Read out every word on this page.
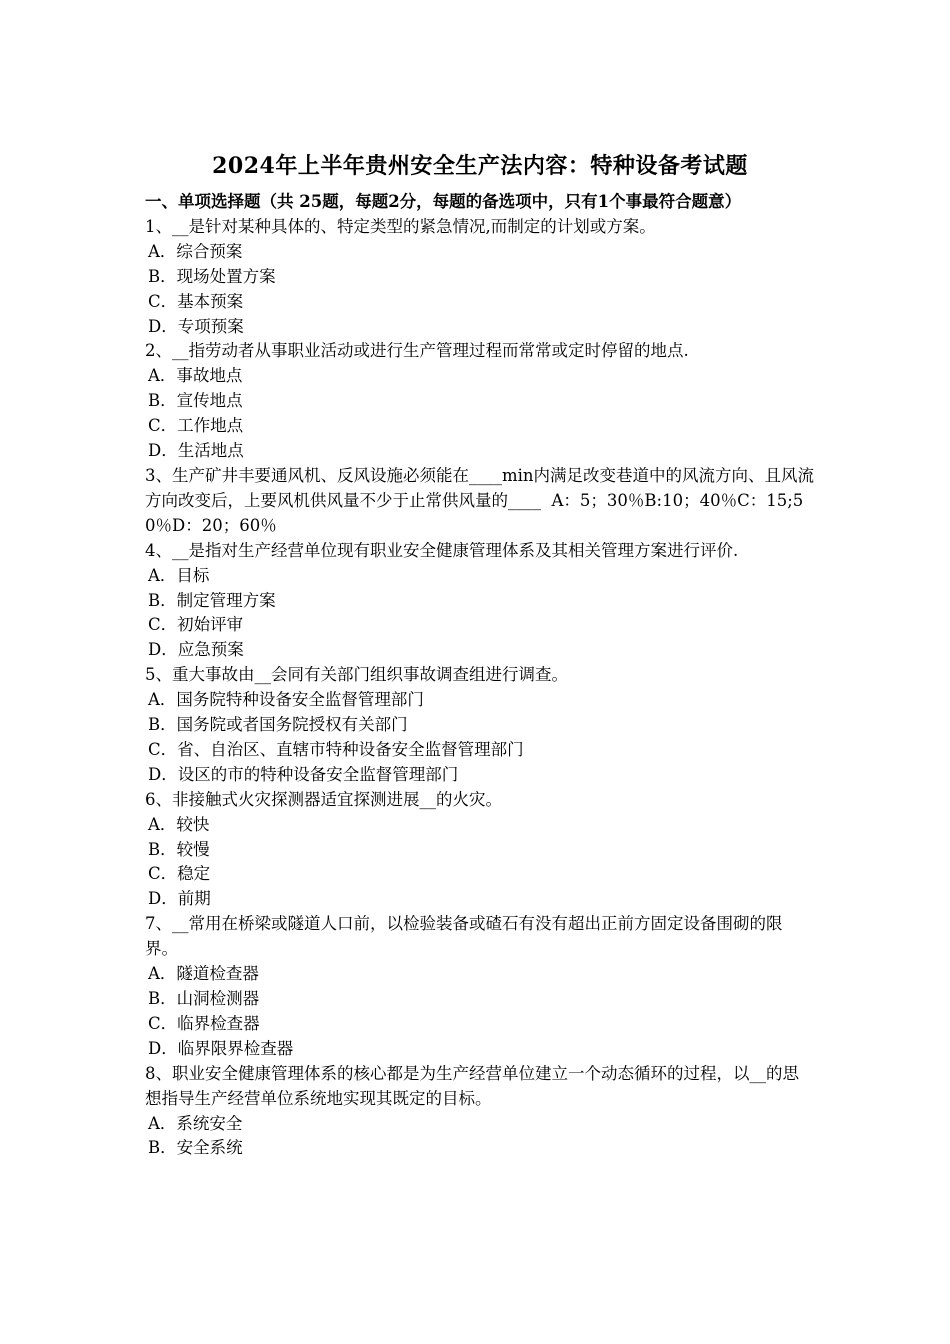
2024年上半年贵州安全生产法内容：特种设备考试题

一、单项选择题（共 25题，每题2分，每题的备选项中，只有1个事最符合题意）

1、__是针对某种具体的、特定类型的紧急情况,而制定的计划或方案。

A．综合预案

B．现场处置方案

C．基本预案

D．专项预案

2、__指劳动者从事职业活动或进行生产管理过程而常常或定时停留的地点.

A．事故地点

B．宣传地点

C．工作地点

D．生活地点

3、生产矿井丰要通风机、反风设施必须能在____min内满足改变巷道中的风流方向、且风流方向改变后，上要风机供风量不少于止常供风量的____  A：5；30％B:10；40％C：15;50％D：20；60％

4、__是指对生产经营单位现有职业安全健康管理体系及其相关管理方案进行评价.

A．目标

B．制定管理方案

C．初始评审

D．应急预案

5、重大事故由__会同有关部门组织事故调查组进行调查。

A．国务院特种设备安全监督管理部门

B．国务院或者国务院授权有关部门

C．省、自治区、直辖市特种设备安全监督管理部门

D．设区的市的特种设备安全监督管理部门

6、非接触式火灾探测器适宜探测进展__的火灾。

A．较快

B．较慢

C．稳定

D．前期

7、__常用在桥梁或隧道人口前，以检验装备或碴石有没有超出正前方固定设备围砌的限界。

A．隧道检查器

B．山洞检测器

C．临界检查器

D．临界限界检查器

8、职业安全健康管理体系的核心都是为生产经营单位建立一个动态循环的过程，以__的思想指导生产经营单位系统地实现其既定的目标。

A．系统安全

B．安全系统
